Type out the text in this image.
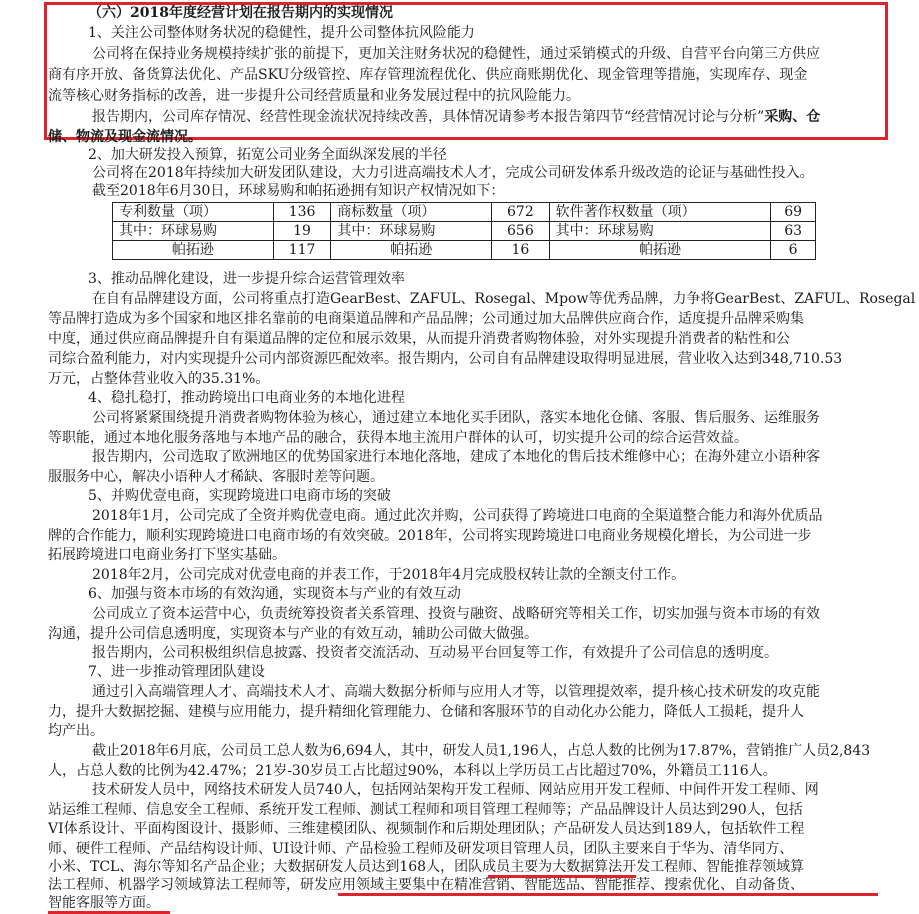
（六）2018年度经营计划在报告期内的实现情况
1、关注公司整体财务状况的稳健性，提升公司整体抗风险能力
公司将在保持业务规模持续扩张的前提下，更加关注财务状况的稳健性，通过采销模式的升级、自营平台向第三方供应
商有序开放、备货算法优化、产品SKU分级管控、库存管理流程优化、供应商账期优化、现金管理等措施，实现库存、现金
流等核心财务指标的改善，进一步提升公司经营质量和业务发展过程中的抗风险能力。
报告期内，公司库存情况、经营性现金流状况持续改善，具体情况请参考本报告第四节“经营情况讨论与分析”采购、仓
储、物流及现金流情况。
2、加大研发投入预算，拓宽公司业务全面纵深发展的半径
公司将在2018年持续加大研发团队建设，大力引进高端技术人才，完成公司研发体系升级改造的论证与基础性投入。
截至2018年6月30日，环球易购和帕拓逊拥有知识产权情况如下：
专利数量（项）	136	商标数量（项）	672	软件著作权数量（项）	69
其中：环球易购	19	其中：环球易购	656	其中：环球易购	63
帕拓逊	117	帕拓逊	16	帕拓逊	6
3、推动品牌化建设，进一步提升综合运营管理效率
在自有品牌建设方面，公司将重点打造GearBest、ZAFUL、Rosegal、Mpow等优秀品牌，力争将GearBest、ZAFUL、Rosegal
等品牌打造成为多个国家和地区排名靠前的电商渠道品牌和产品品牌；公司通过加大品牌供应商合作，适度提升品牌采购集
中度，通过供应商品牌提升自有渠道品牌的定位和展示效果，从而提升消费者购物体验，对外实现提升消费者的粘性和公
司综合盈利能力，对内实现提升公司内部资源匹配效率。报告期内，公司自有品牌建设取得明显进展，营业收入达到348,710.53
万元，占整体营业收入的35.31%。
4、稳扎稳打，推动跨境出口电商业务的本地化进程
公司将紧紧围绕提升消费者购物体验为核心，通过建立本地化买手团队，落实本地化仓储、客服、售后服务、运维服务
等职能，通过本地化服务落地与本地产品的融合，获得本地主流用户群体的认可，切实提升公司的综合运营效益。
报告期内，公司选取了欧洲地区的优势国家进行本地化落地，建成了本地化的售后技术维修中心；在海外建立小语种客
服服务中心，解决小语种人才稀缺、客服时差等问题。
5、并购优壹电商，实现跨境进口电商市场的突破
2018年1月，公司完成了全资并购优壹电商。通过此次并购，公司获得了跨境进口电商的全渠道整合能力和海外优质品
牌的合作能力，顺利实现跨境进口电商市场的有效突破。2018年，公司将实现跨境进口电商业务规模化增长，为公司进一步
拓展跨境进口电商业务打下坚实基础。
2018年2月，公司完成对优壹电商的并表工作，于2018年4月完成股权转让款的全额支付工作。
6、加强与资本市场的有效沟通，实现资本与产业的有效互动
公司成立了资本运营中心，负责统筹投资者关系管理、投资与融资、战略研究等相关工作，切实加强与资本市场的有效
沟通，提升公司信息透明度，实现资本与产业的有效互动，辅助公司做大做强。
报告期内，公司积极组织信息披露、投资者交流活动、互动易平台回复等工作，有效提升了公司信息的透明度。
7、进一步推动管理团队建设
通过引入高端管理人才、高端技术人才、高端大数据分析师与应用人才等，以管理提效率，提升核心技术研发的攻克能
力，提升大数据挖掘、建模与应用能力，提升精细化管理能力、仓储和客服环节的自动化办公能力，降低人工损耗，提升人
均产出。
截止2018年6月底，公司员工总人数为6,694人，其中，研发人员1,196人，占总人数的比例为17.87%，营销推广人员2,843
人，占总人数的比例为42.47%；21岁-30岁员工占比超过90%，本科以上学历员工占比超过70%，外籍员工116人。
技术研发人员中，网络技术研发人员740人，包括网站架构开发工程师、网站应用开发工程师、中间件开发工程师、网
站运维工程师、信息安全工程师、系统开发工程师、测试工程师和项目管理工程师等；产品品牌设计人员达到290人，包括
VI体系设计、平面构图设计、摄影师、三维建模团队、视频制作和后期处理团队；产品研发人员达到189人，包括软件工程
师、硬件工程师、产品结构设计师、UI设计师、产品检验工程师及研发项目管理人员，团队主要来自于华为、清华同方、
小米、TCL、海尔等知名产品企业；大数据研发人员达到168人，团队成员主要为大数据算法开发工程师、智能推荐领域算
法工程师、机器学习领域算法工程师等，研发应用领域主要集中在精准营销、智能选品、智能推荐、搜索优化、自动备货、
智能客服等方面。
